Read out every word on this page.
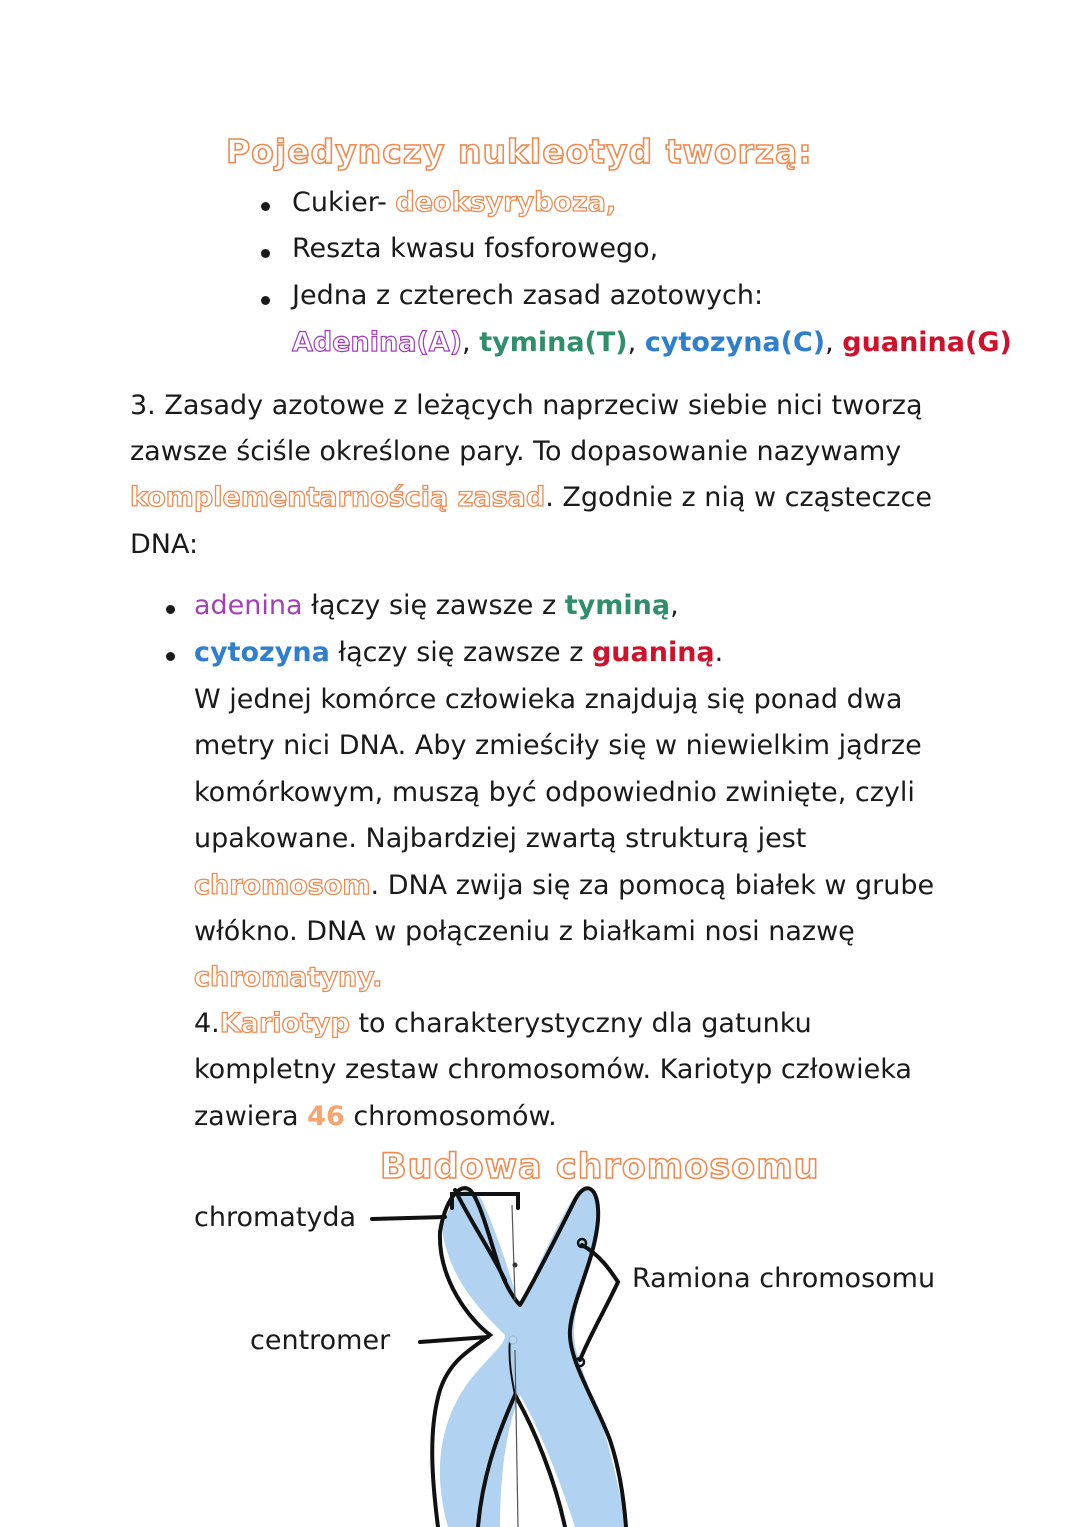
Pojedynczy nukleotyd tworzą:
Cukier- deoksyryboza,
Reszta kwasu fosforowego,
Jedna z czterech zasad azotowych:
Adenina(A), tymina(T), cytozyna(C), guanina(G)
3. Zasady azotowe z leżących naprzeciw siebie nici tworzą
zawsze ściśle określone pary. To dopasowanie nazywamy
komplementarnością zasad. Zgodnie z nią w cząsteczce
DNA:
adenina łączy się zawsze z tyminą,
cytozyna łączy się zawsze z guaniną.
W jednej komórce człowieka znajdują się ponad dwa
metry nici DNA. Aby zmieściły się w niewielkim jądrze
komórkowym, muszą być odpowiednio zwinięte, czyli
upakowane. Najbardziej zwartą strukturą jest
chromosom. DNA zwija się za pomocą białek w grube
włókno. DNA w połączeniu z białkami nosi nazwę
chromatyny.
4.Kariotyp to charakterystyczny dla gatunku
kompletny zestaw chromosomów. Kariotyp człowieka
zawiera 46 chromosomów.
Budowa chromosomu
chromatyda
Ramiona chromosomu
centromer
